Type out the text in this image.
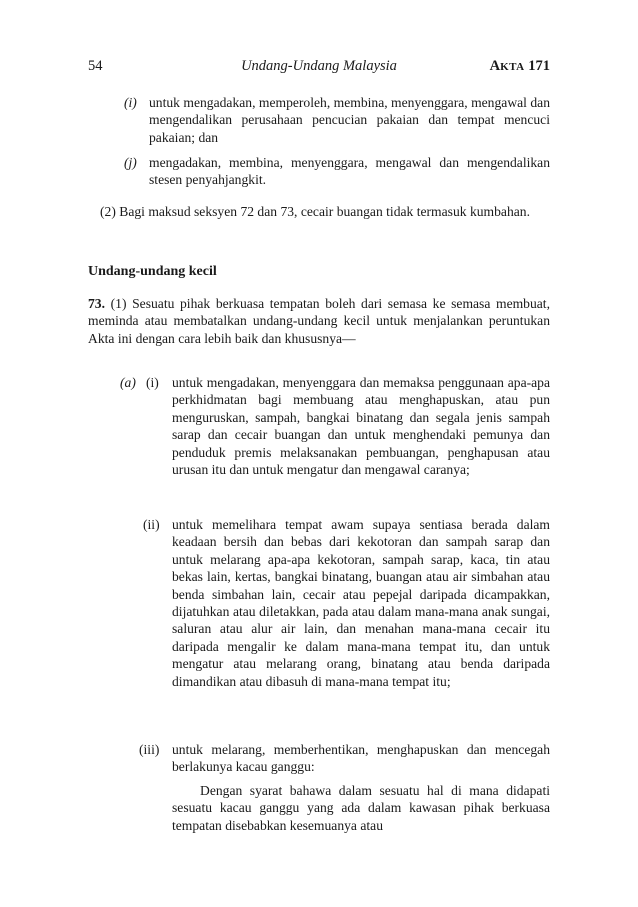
54	Undang-Undang Malaysia	AKTA 171
(i) untuk mengadakan, memperoleh, membina, menyenggara, mengawal dan mengendalikan perusahaan pencucian pakaian dan tempat mencuci pakaian; dan

(j) mengadakan, membina, menyenggara, mengawal dan mengendalikan stesen penyahjangkit.

(2) Bagi maksud seksyen 72 dan 73, cecair buangan tidak termasuk kumbahan.

Undang-undang kecil

73. (1) Sesuatu pihak berkuasa tempatan boleh dari semasa ke semasa membuat, meminda atau membatalkan undang-undang kecil untuk menjalankan peruntukan Akta ini dengan cara lebih baik dan khususnya—

(a) (i) untuk mengadakan, menyenggara dan memaksa penggunaan apa-apa perkhidmatan bagi membuang atau menghapuskan, atau pun menguruskan, sampah, bangkai binatang dan segala jenis sampah sarap dan cecair buangan dan untuk menghendaki pemunya dan penduduk premis melaksanakan pembuangan, penghapusan atau urusan itu dan untuk mengatur dan mengawal caranya;

(ii) untuk memelihara tempat awam supaya sentiasa berada dalam keadaan bersih dan bebas dari kekotoran dan sampah sarap dan untuk melarang apa-apa kekotoran, sampah sarap, kaca, tin atau bekas lain, kertas, bangkai binatang, buangan atau air simbahan atau benda simbahan lain, cecair atau pepejal daripada dicampakkan, dijatuhkan atau diletakkan, pada atau dalam mana-mana anak sungai, saluran atau alur air lain, dan menahan mana-mana cecair itu daripada mengalir ke dalam mana-mana tempat itu, dan untuk mengatur atau melarang orang, binatang atau benda daripada dimandikan atau dibasuh di mana-mana tempat itu;

(iii) untuk melarang, memberhentikan, menghapuskan dan mencegah berlakunya kacau ganggu:

Dengan syarat bahawa dalam sesuatu hal di mana didapati sesuatu kacau ganggu yang ada dalam kawasan pihak berkuasa tempatan disebabkan kesemuanya atau
